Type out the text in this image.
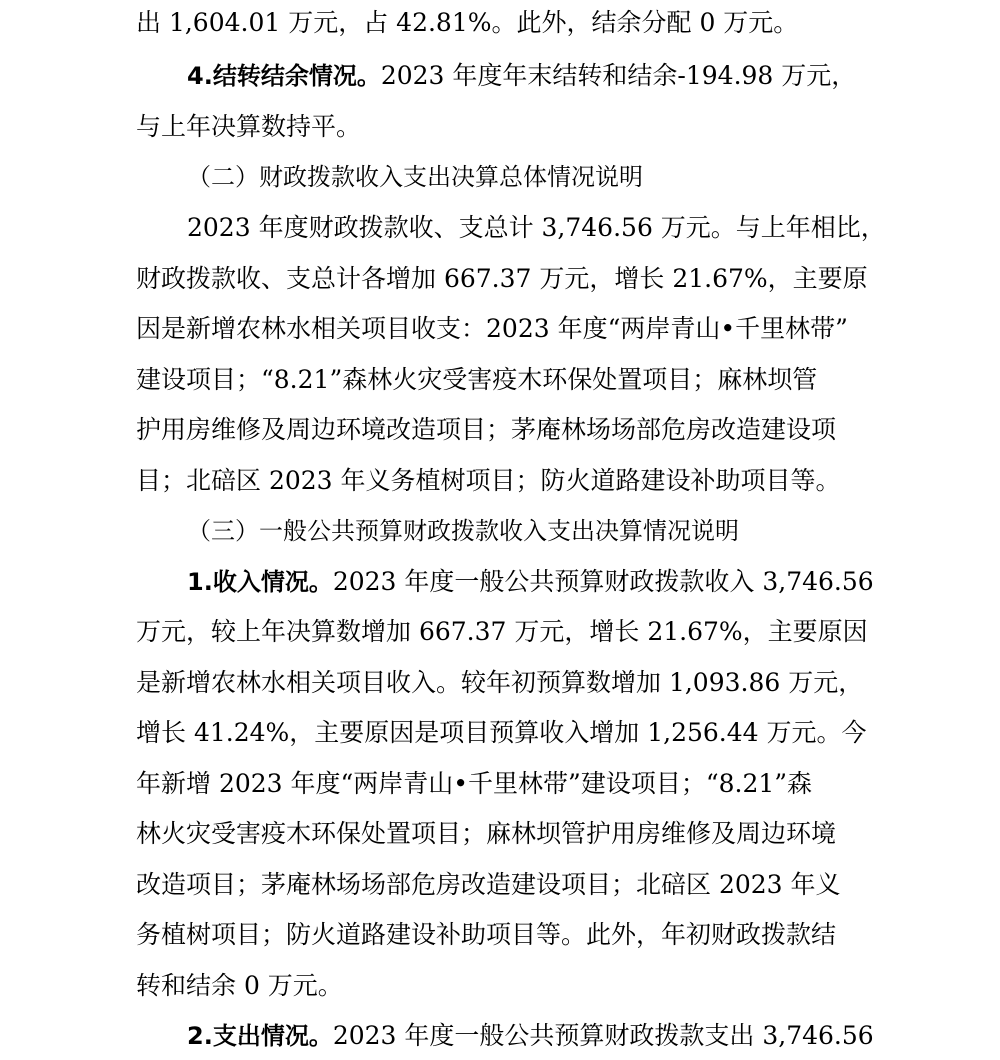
出 1,604.01 万元，占 42.81%。此外，结余分配 0 万元。
4.结转结余情况。2023 年度年末结转和结余-194.98 万元，
与上年决算数持平。
（二）财政拨款收入支出决算总体情况说明
2023 年度财政拨款收、支总计 3,746.56 万元。与上年相比，
财政拨款收、支总计各增加 667.37 万元，增长 21.67%，主要原
因是新增农林水相关项目收支：2023 年度“两岸青山•千里林带”
建设项目；“8.21”森林火灾受害疫木环保处置项目；麻林坝管
护用房维修及周边环境改造项目；茅庵林场场部危房改造建设项
目；北碚区 2023 年义务植树项目；防火道路建设补助项目等。
（三）一般公共预算财政拨款收入支出决算情况说明
1.收入情况。2023 年度一般公共预算财政拨款收入 3,746.56
万元，较上年决算数增加 667.37 万元，增长 21.67%，主要原因
是新增农林水相关项目收入。较年初预算数增加 1,093.86 万元，
增长 41.24%，主要原因是项目预算收入增加 1,256.44 万元。今
年新增 2023 年度“两岸青山•千里林带”建设项目；“8.21”森
林火灾受害疫木环保处置项目；麻林坝管护用房维修及周边环境
改造项目；茅庵林场场部危房改造建设项目；北碚区 2023 年义
务植树项目；防火道路建设补助项目等。此外，年初财政拨款结
转和结余 0 万元。
2.支出情况。2023 年度一般公共预算财政拨款支出 3,746.56
